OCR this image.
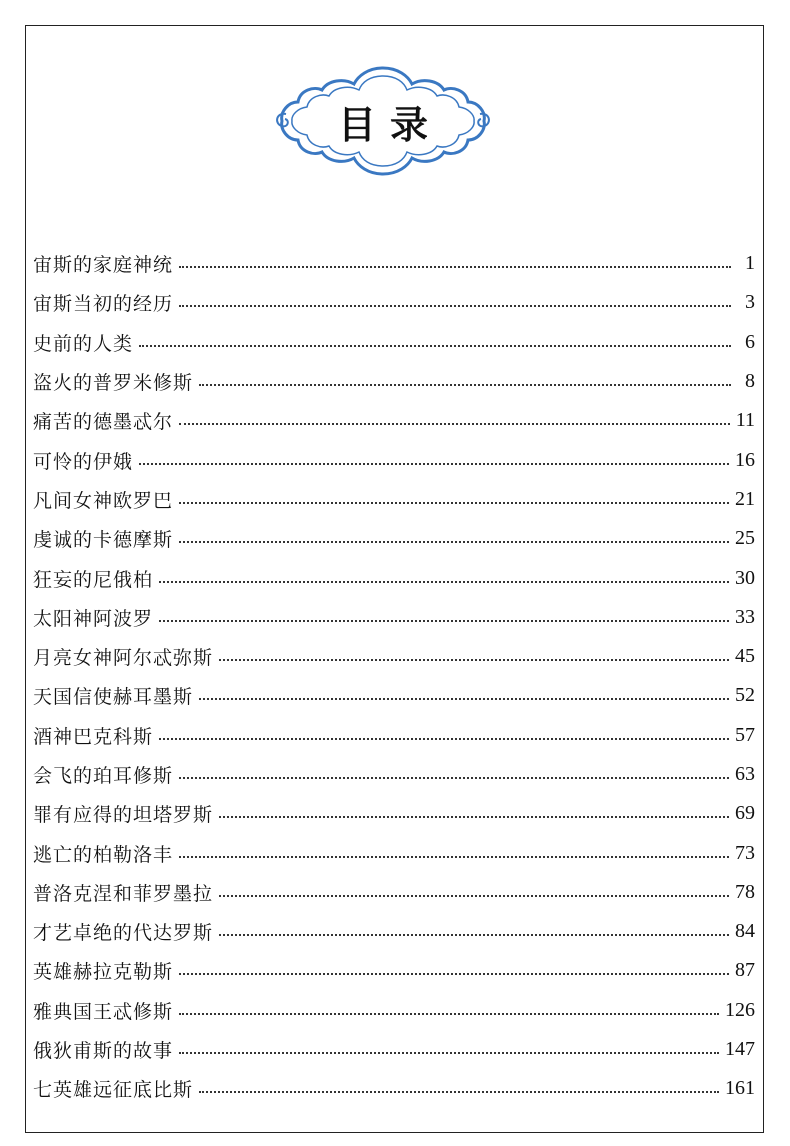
目录
宙斯的家庭神统	1
宙斯当初的经历	3
史前的人类	6
盗火的普罗米修斯	8
痛苦的德墨忒尔	11
可怜的伊娥	16
凡间女神欧罗巴	21
虔诚的卡德摩斯	25
狂妄的尼俄柏	30
太阳神阿波罗	33
月亮女神阿尔忒弥斯	45
天国信使赫耳墨斯	52
酒神巴克科斯	57
会飞的珀耳修斯	63
罪有应得的坦塔罗斯	69
逃亡的柏勒洛丰	73
普洛克涅和菲罗墨拉	78
才艺卓绝的代达罗斯	84
英雄赫拉克勒斯	87
雅典国王忒修斯	126
俄狄甫斯的故事	147
七英雄远征底比斯	161
